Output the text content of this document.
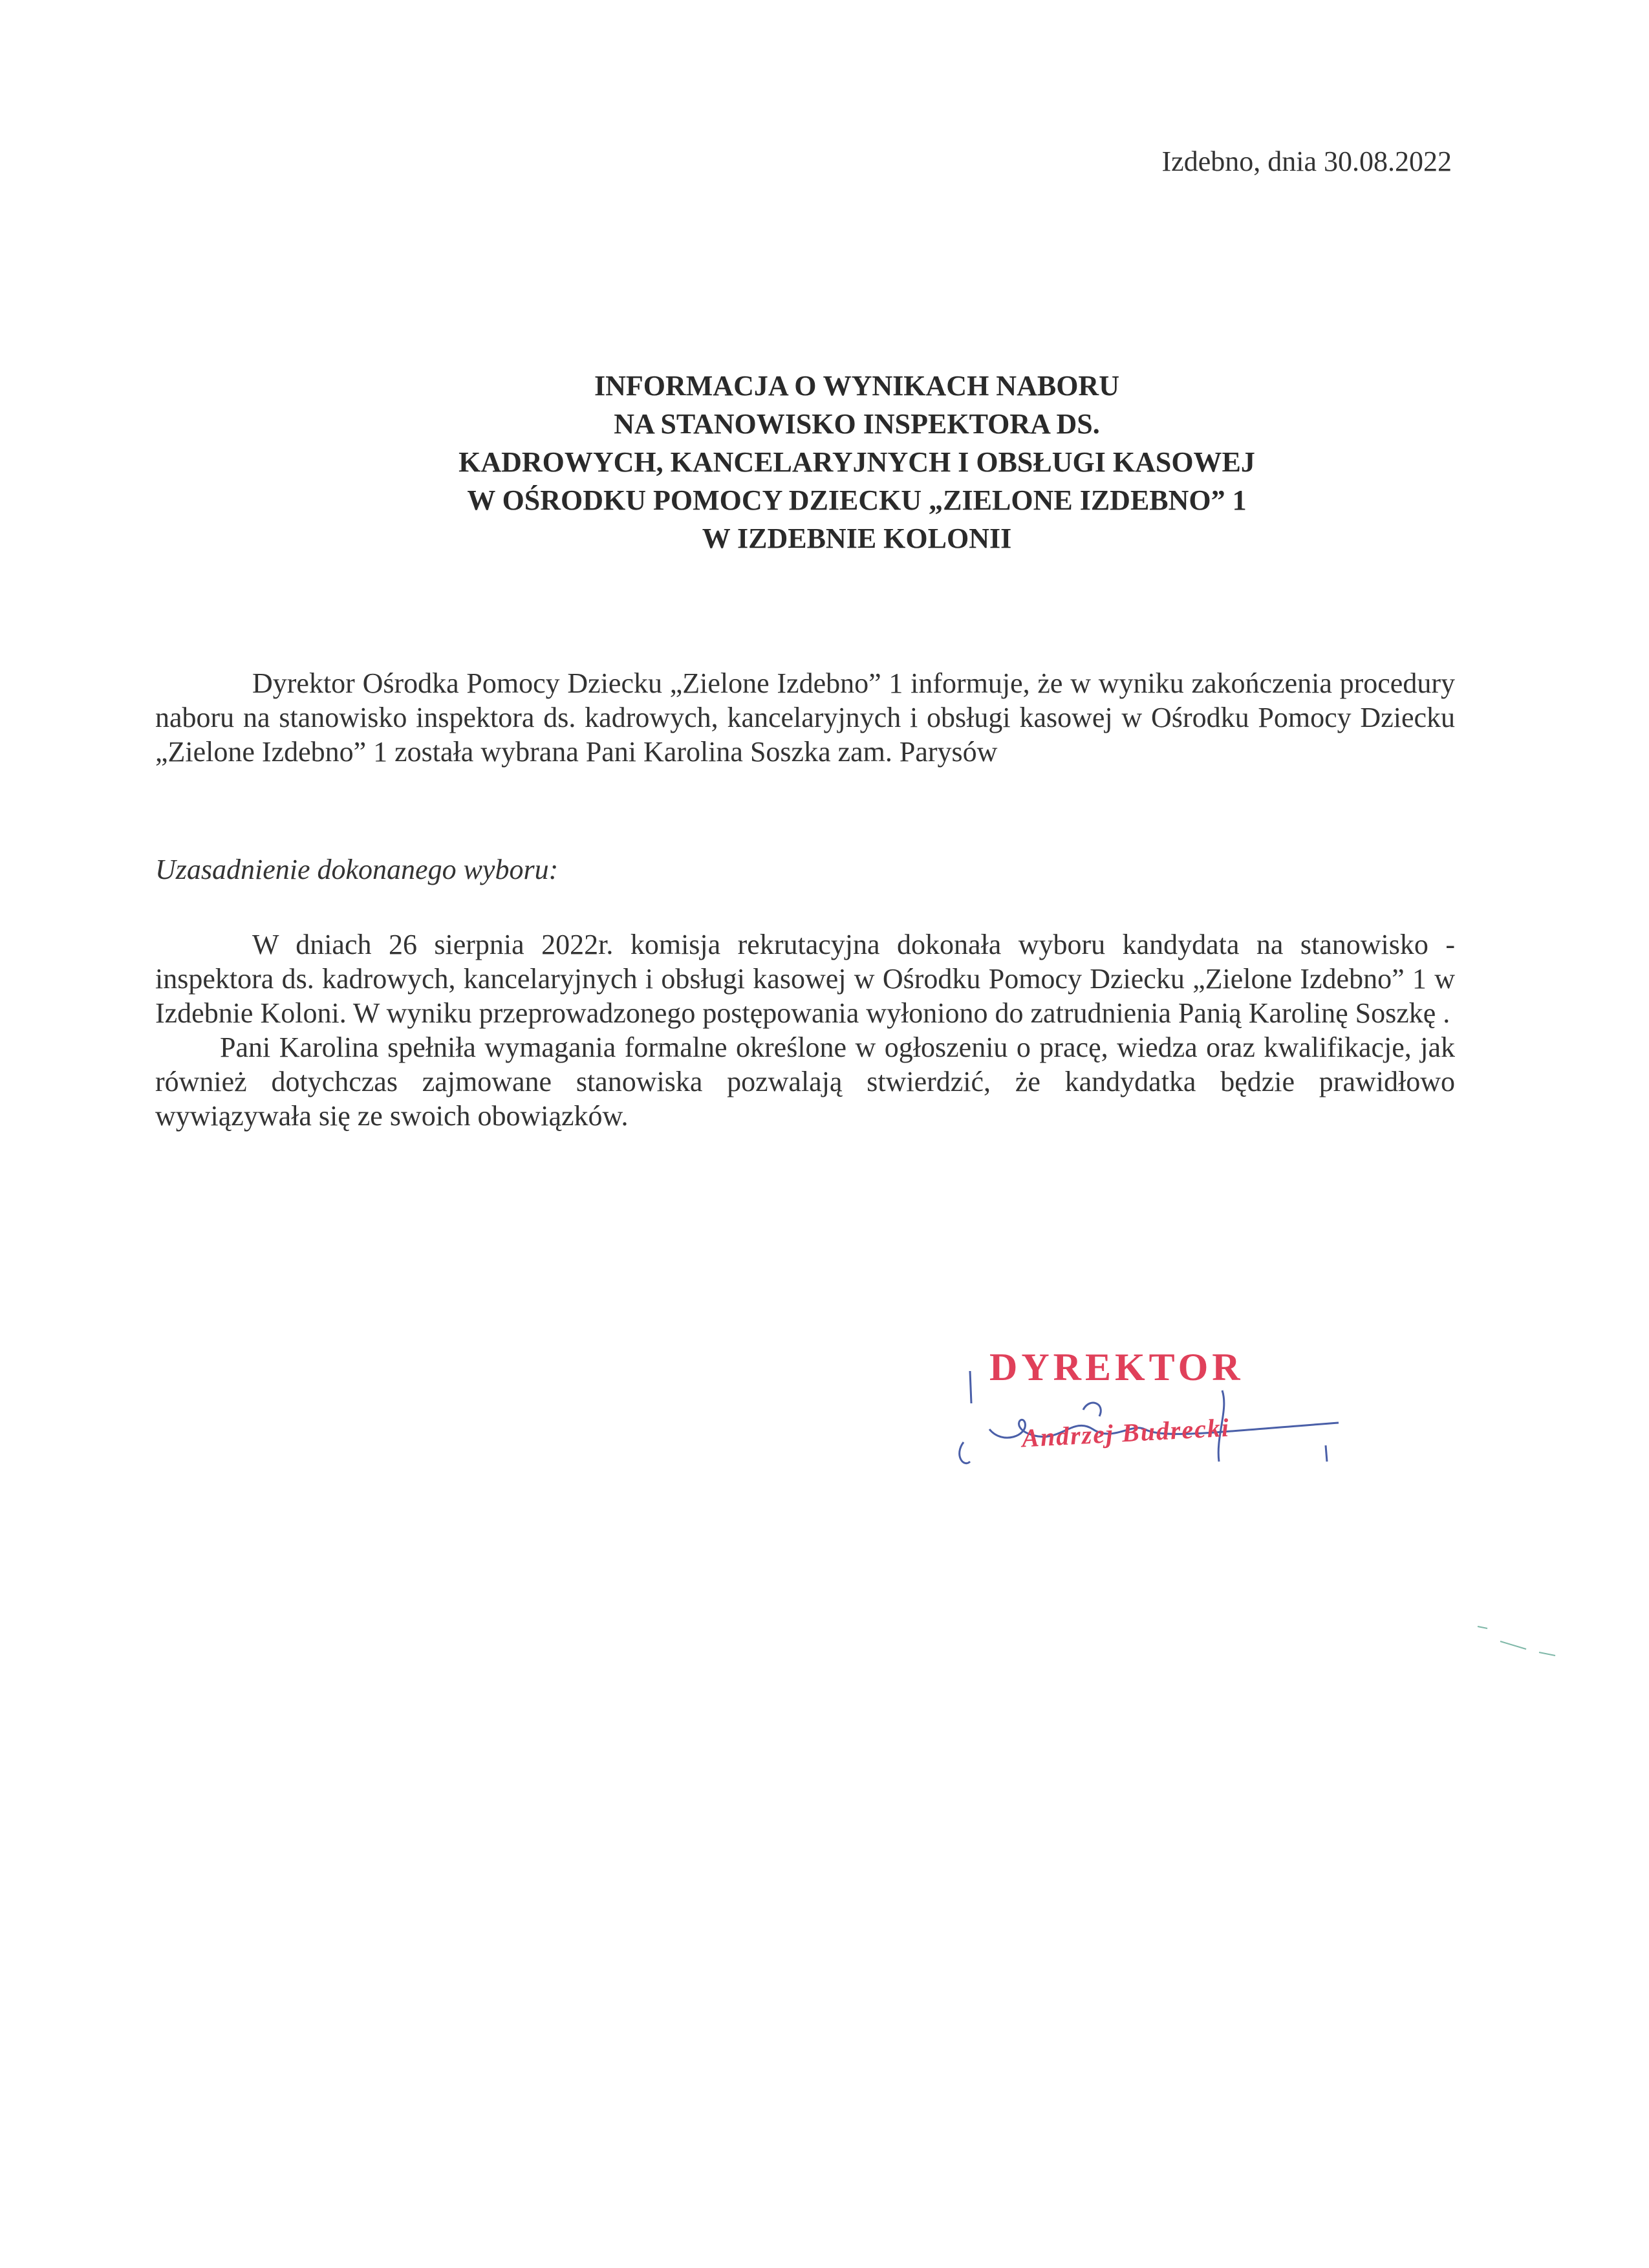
Izdebno, dnia 30.08.2022
INFORMACJA O WYNIKACH NABORU
NA STANOWISKO INSPEKTORA DS.
KADROWYCH, KANCELARYJNYCH I OBSŁUGI KASOWEJ
W OŚRODKU POMOCY DZIECKU „ZIELONE IZDEBNO” 1
W IZDEBNIE KOLONII

Dyrektor Ośrodka Pomocy Dziecku „Zielone Izdebno” 1 informuje, że w wyniku zakończenia procedury naboru na stanowisko inspektora ds. kadrowych, kancelaryjnych i obsługi kasowej w Ośrodku Pomocy Dziecku „Zielone Izdebno” 1 została wybrana Pani Karolina Soszka zam. Parysów

Uzasadnienie dokonanego wyboru:

W dniach 26 sierpnia 2022r. komisja rekrutacyjna dokonała wyboru kandydata na stanowisko - inspektora ds. kadrowych, kancelaryjnych i obsługi kasowej w Ośrodku Pomocy Dziecku „Zielone Izdebno” 1 w Izdebnie Koloni. W wyniku przeprowadzonego postępowania wyłoniono do zatrudnienia Panią Karolinę Soszkę .

Pani Karolina spełniła wymagania formalne określone w ogłoszeniu o pracę, wiedza oraz kwalifikacje, jak również dotychczas zajmowane stanowiska pozwalają stwierdzić, że kandydatka będzie prawidłowo wywiązywała się ze swoich obowiązków.

DYREKTOR
Andrzej Budrecki
